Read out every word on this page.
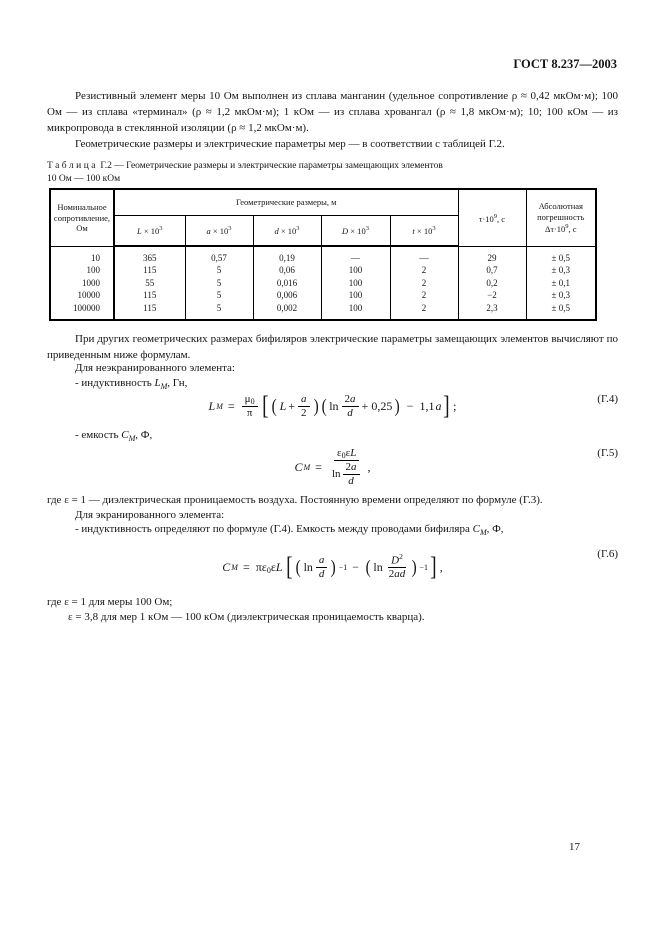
ГОСТ 8.237—2003
Резистивный элемент меры 10 Ом выполнен из сплава манганин (удельное сопротивление ρ ≈ 0,42 мкОм·м); 100 Ом — из сплава «терминал» (ρ ≈ 1,2 мкОм·м); 1 кОм — из сплава хровангал (ρ ≈ 1,8 мкОм·м); 10; 100 кОм — из микропровода в стеклянной изоляции (ρ ≈ 1,2 мкОм·м).
Геометрические размеры и электрические параметры мер — в соответствии с таблицей Г.2.
Таблица Г.2 — Геометрические размеры и электрические параметры замещающих элементов
10 Ом — 100 кОм
Номинальное сопротивление, Ом	Геометрические размеры, м					$\tau\cdot 10^9$, с	Абсолютная
погрешность
$\Delta\tau\cdot 10^9$, с
	$L \times 10^3$	$a \times 10^3$	$d \times 10^3$	$D \times 10^3$	$t \times 10^3$
10	365	0,57	0,19	—	—	29	± 0,5
100	115	5	0,06	100	2	0,7	± 0,3
1000	55	5	0,016	100	2	0,2	± 0,1
10000	115	5	0,006	100	2	−2	± 0,3
100000	115	5	0,002	100	2	2,3	± 0,5
При других геометрических размерах бифиляров электрические параметры замещающих элементов вычисляют по приведенным ниже формулам.
Для неэкранированного элемента:
- индуктивность $L_M$, Гн,
L $M = \frac{\mu_0}{\pi}$ [ ( $L + \frac{a}{2}$ ) ( $\ln \frac{2a}{d} + 0,25$ ) − 1,1 a ] ;	(Г.4)
- емкость $C_M$, Ф,
C $M = \frac{\varepsilon_0\varepsilon L}{\ln \frac{2a}{d}}$ ,
(Г.5)
где ε = 1 — диэлектрическая проницаемость воздуха. Постоянную времени определяют по формуле (Г.3).
Для экранированного элемента:
- индуктивность определяют по формуле (Г.4). Емкость между проводами бифиляра $C_M$, Ф,
C $M = \pi\varepsilon_0\varepsilon L$ [ ( $\ln \frac{a}{d}$ ) −1 − ( $\ln \frac{D^2}{2 ad}$ ) −1 ] ,
(Г.6)
где ε = 1 для меры 100 Ом;
ε = 3,8 для мер 1 кОм — 100 кОм (диэлектрическая проницаемость кварца).
17
